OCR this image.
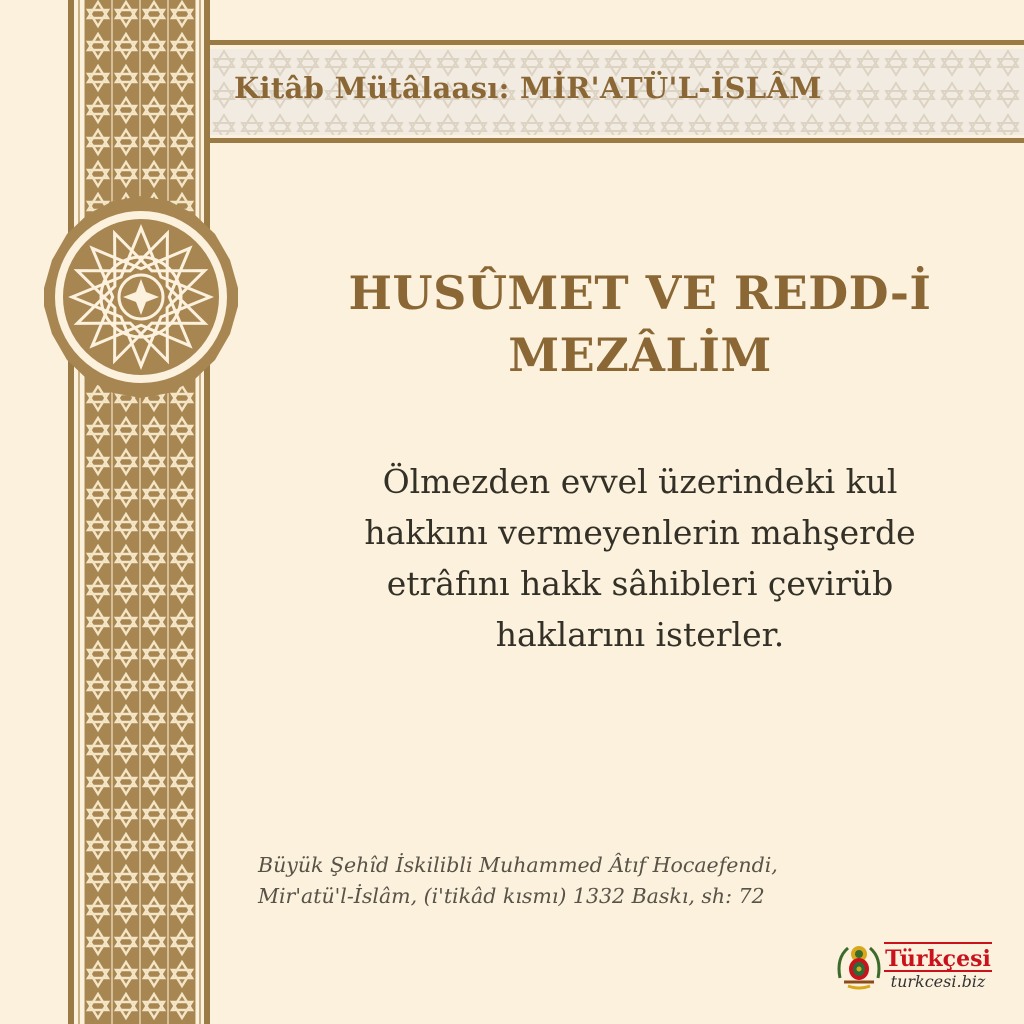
Kitâb Mütâlaası: MİR'ATÜ'L-İSLÂM
HUSÛMET VE REDD-İ
MEZÂLİM
Ölmezden evvel üzerindeki kul
hakkını vermeyenlerin mahşerde
etrâfını hakk sâhibleri çevirüb
haklarını isterler.
Büyük Şehîd İskilibli Muhammed Âtıf Hocaefendi,
Mir'atü'l-İslâm, (i'tikâd kısmı) 1332 Baskı, sh: 72
Türkçesi
turkcesi.biz
